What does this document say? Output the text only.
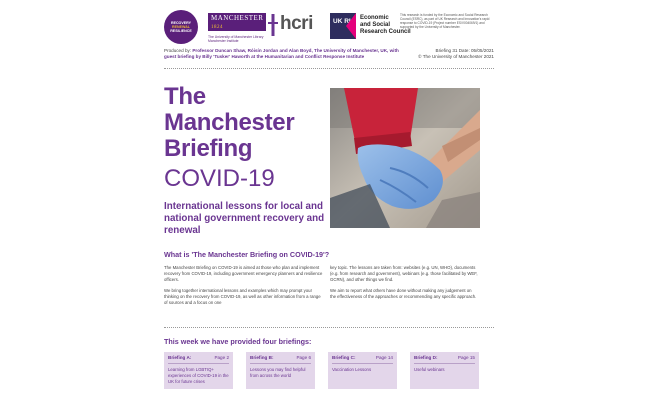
RECOVERY
RENEWAL
RESILIENCE
MANCHESTER 1824
The University of Manchester Library Manchester Institute
hcri	UK RI Economic
and Social
Research Council
This research is funded by the Economic and Social Research Council (ESRC), as part of UK Research and Innovation's rapid response to COVID-19 (Project number ES/V004069/1) and supported by the University of Manchester.
Produced by: Professor Duncan Shaw, Róisín Jordan and Alan Boyd, The University of Manchester, UK, with guest briefing by Billy 'Tusker' Haworth at the Humanitarian and Conflict Response Institute
Briefing 31 Date: 05/05/2021
© The University of Manchester 2021
The
Manchester
Briefing
COVID-19
International lessons for local and national government recovery and renewal
What is 'The Manchester Briefing on COVID-19'?

The Manchester Briefing on COVID-19 is aimed at those who plan and implement recovery from COVID-19, including government emergency planners and resilience officers.

We bring together international lessons and examples which may prompt your thinking on the recovery from COVID-19, as well as other information from a range of sources and a focus on one

key topic. The lessons are taken from: websites (e.g. UN, WHO), documents (e.g. from research and government), webinars (e.g. those facilitated by WEF, GCRN), and other things we find.

We aim to report what others have done without making any judgement on the effectiveness of the approaches or recommending any specific approach.

This week we have provided four briefings:
Briefing A:	Page 2
Learning from LGBTIQ+ experiences of COVID-19 in the UK for future crises
Briefing B:	Page 6
Lessons you may find helpful from across the world
Briefing C:	Page 14
Vaccination Lessons
Briefing D:	Page 15
Useful webinars
